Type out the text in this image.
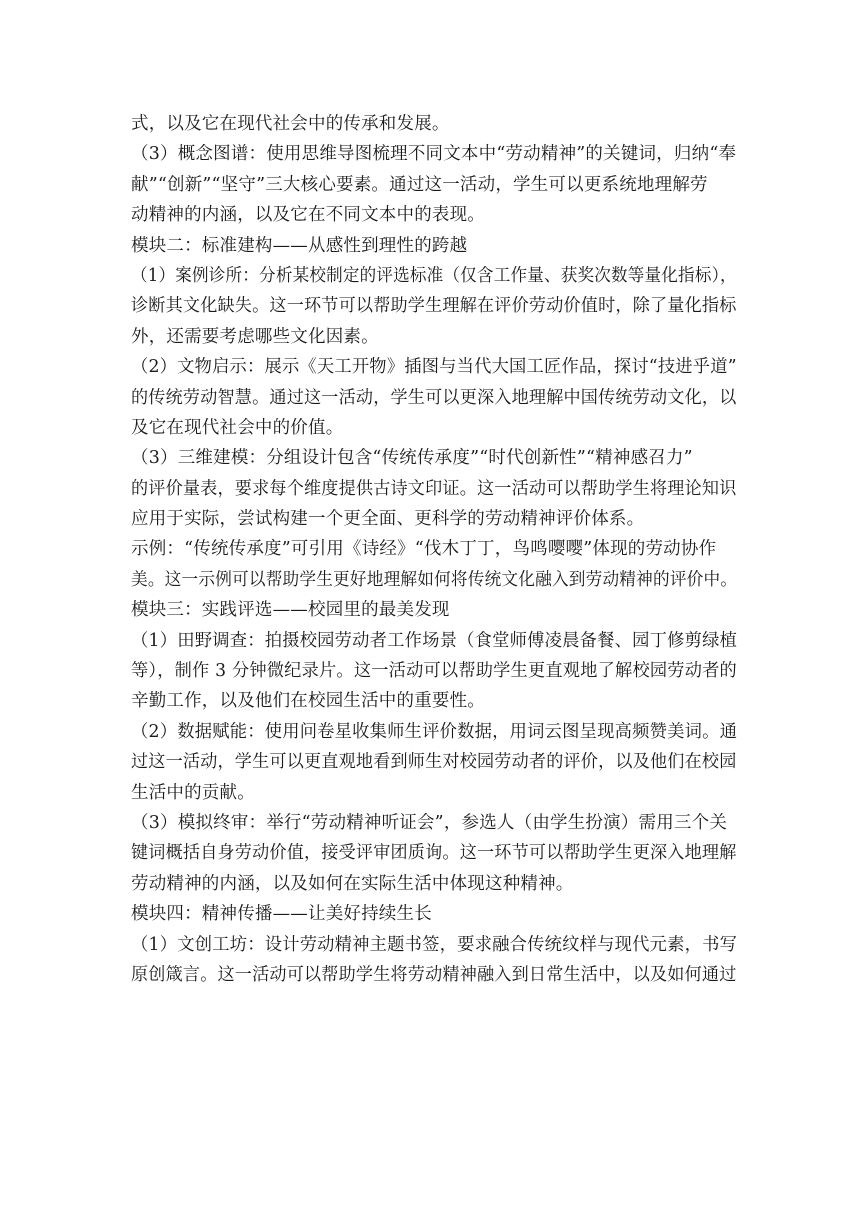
式，以及它在现代社会中的传承和发展。
（3）概念图谱：使用思维导图梳理不同文本中“劳动精神”的关键词，归纳“奉
献”“创新”“坚守”三大核心要素。通过这一活动，学生可以更系统地理解劳
动精神的内涵，以及它在不同文本中的表现。
模块二：标准建构——从感性到理性的跨越
（1）案例诊所：分析某校制定的评选标准（仅含工作量、获奖次数等量化指标），
诊断其文化缺失。这一环节可以帮助学生理解在评价劳动价值时，除了量化指标
外，还需要考虑哪些文化因素。
（2）文物启示：展示《天工开物》插图与当代大国工匠作品，探讨“技进乎道”
的传统劳动智慧。通过这一活动，学生可以更深入地理解中国传统劳动文化，以
及它在现代社会中的价值。
（3）三维建模：分组设计包含“传统传承度”“时代创新性”“精神感召力”
的评价量表，要求每个维度提供古诗文印证。这一活动可以帮助学生将理论知识
应用于实际，尝试构建一个更全面、更科学的劳动精神评价体系。
示例：“传统传承度”可引用《诗经》“伐木丁丁，鸟鸣嘤嘤”体现的劳动协作
美。这一示例可以帮助学生更好地理解如何将传统文化融入到劳动精神的评价中。
模块三：实践评选——校园里的最美发现
（1）田野调查：拍摄校园劳动者工作场景（食堂师傅凌晨备餐、园丁修剪绿植
等），制作 3 分钟微纪录片。这一活动可以帮助学生更直观地了解校园劳动者的
辛勤工作，以及他们在校园生活中的重要性。
（2）数据赋能：使用问卷星收集师生评价数据，用词云图呈现高频赞美词。通
过这一活动，学生可以更直观地看到师生对校园劳动者的评价，以及他们在校园
生活中的贡献。
（3）模拟终审：举行“劳动精神听证会”，参选人（由学生扮演）需用三个关
键词概括自身劳动价值，接受评审团质询。这一环节可以帮助学生更深入地理解
劳动精神的内涵，以及如何在实际生活中体现这种精神。
模块四：精神传播——让美好持续生长
（1）文创工坊：设计劳动精神主题书签，要求融合传统纹样与现代元素，书写
原创箴言。这一活动可以帮助学生将劳动精神融入到日常生活中，以及如何通过
